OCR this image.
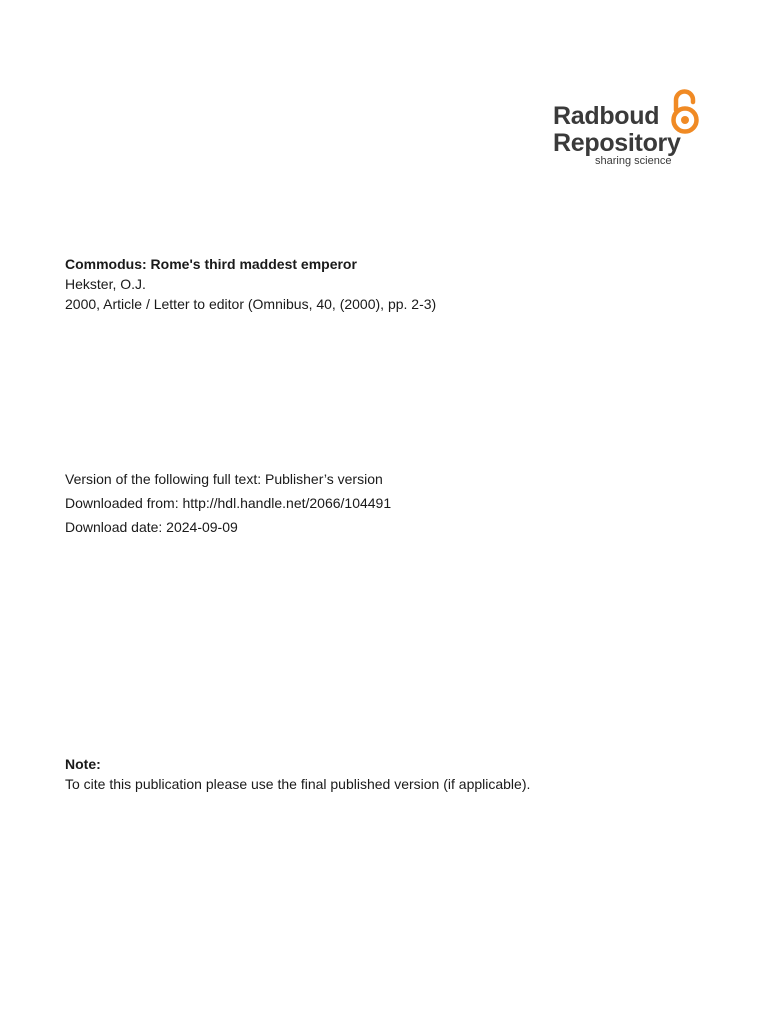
Radboud
Repository
sharing science
Commodus: Rome's third maddest emperor
Hekster, O.J.
2000, Article / Letter to editor (Omnibus, 40, (2000), pp. 2-3)
Version of the following full text: Publisher’s version
Downloaded from: http://hdl.handle.net/2066/104491
Download date: 2024-09-09
Note:
To cite this publication please use the final published version (if applicable).
